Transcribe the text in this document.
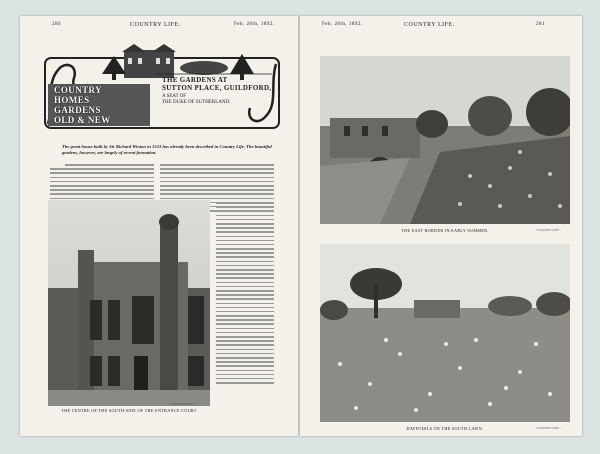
280	COUNTRY LIFE.	Feb. 20th, 1892.
COUNTRY
HOMES
GARDENS
OLD & NEW
THE GARDENS AT
SUTTON PLACE, GUILDFORD,
A SEAT OF
THE DUKE OF SUTHERLAND.
The great house built by Sir Richard Weston in 1523 has already been described in Country Life. The beautiful gardens, however, are largely of recent formation.
THE CENTRE OF THE SOUTH SIDE OF THE ENTRANCE COURT
"COUNTRY LIFE."
Feb. 20th, 1892.	COUNTRY LIFE.	281
THE EAST BORDER IN EARLY SUMMER.	"COUNTRY LIFE."
DAFFODILS ON THE SOUTH LAWN.	"COUNTRY LIFE."
